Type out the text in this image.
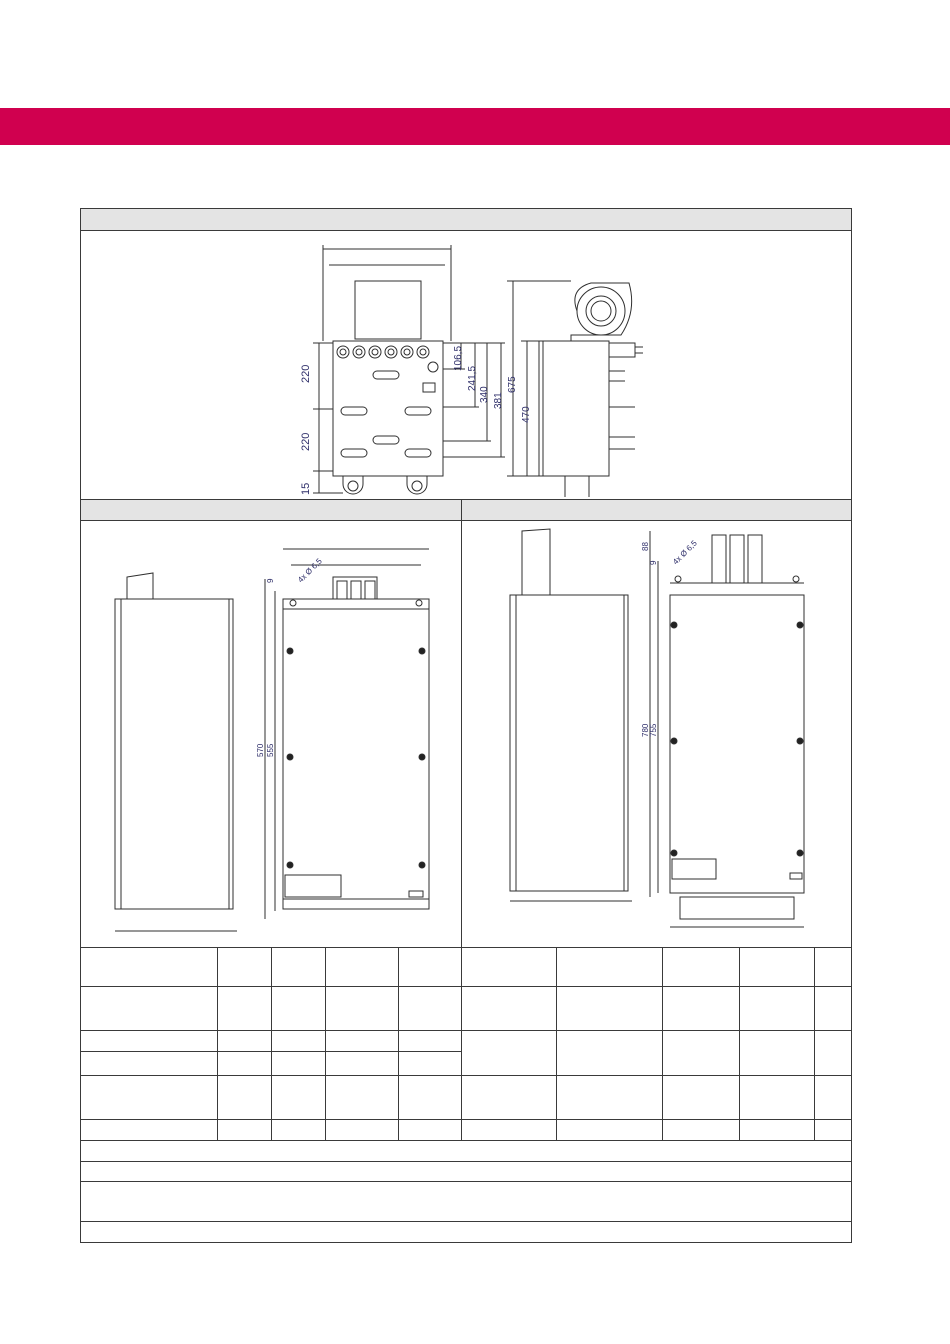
220
220
15
106,5
241,5
340 381
675
470
9	4x Ø 6,5
570 555
88
9 4x Ø 6,5
780 755
